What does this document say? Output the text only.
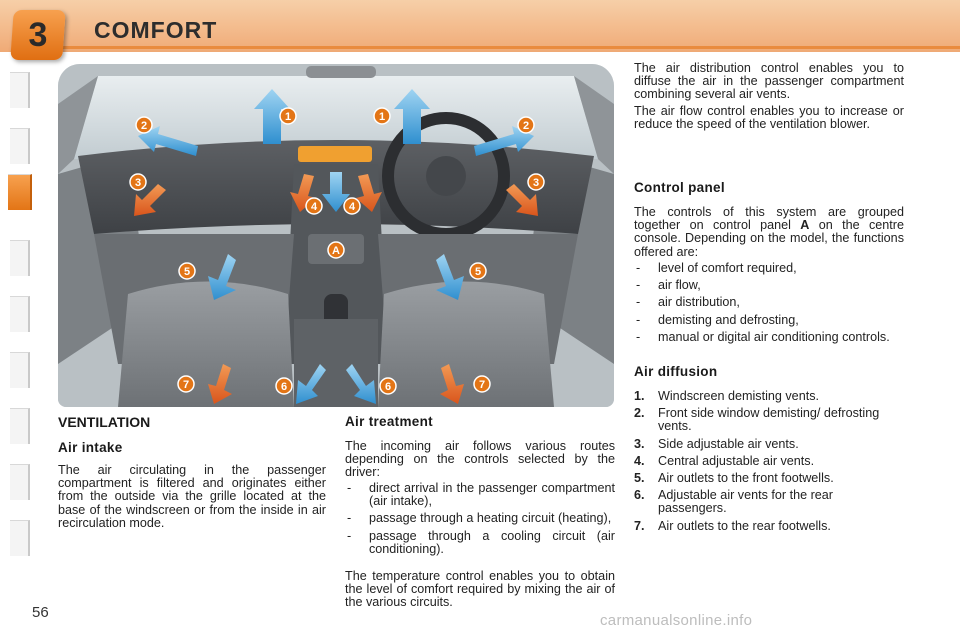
3	COMFORT
56
1	1
2	2
3	3
4	4
5	5
6	6
7	7
A
VENTILATION
Air intake
The air circulating in the passenger compartment is filtered and originates either from the outside via the grille located at the base of the windscreen or from the inside in air recirculation mode.
Air treatment
The incoming air follows various routes depending on the controls selected by the driver:
- direct arrival in the passenger compartment (air intake),
- passage through a heating circuit (heating),
- passage through a cooling circuit (air conditioning).
The temperature control enables you to obtain the level of comfort required by mixing the air of the various circuits.
The air distribution control enables you to diffuse the air in the passenger compartment combining several air vents.
The air flow control enables you to increase or reduce the speed of the ventilation blower.
Control panel
The controls of this system are grouped together on control panel A on the centre console. Depending on the model, the functions offered are:
- level of comfort required,
- air flow,
- air distribution,
- demisting and defrosting,
- manual or digital air conditioning controls.
Air diffusion
1. Windscreen demisting vents.
2. Front side window demisting/ defrosting vents.
3. Side adjustable air vents.
4. Central adjustable air vents.
5. Air outlets to the front footwells.
6. Adjustable air vents for the rear passengers.
7. Air outlets to the rear footwells.
carmanualsonline.info
